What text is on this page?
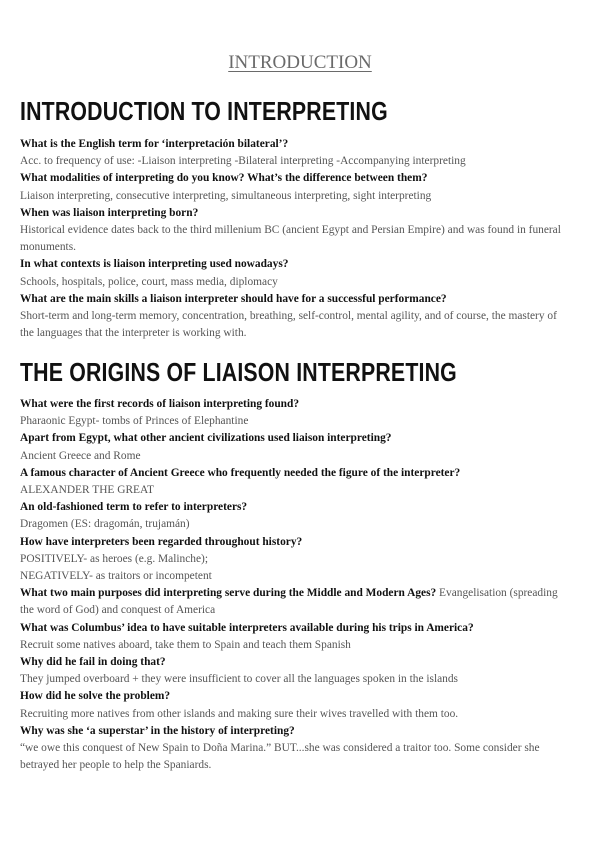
INTRODUCTION
INTRODUCTION TO INTERPRETING

What is the English term for ‘interpretación bilateral’?

Acc. to frequency of use: -Liaison interpreting -Bilateral interpreting -Accompanying interpreting

What modalities of interpreting do you know? What’s the difference between them?

Liaison interpreting, consecutive interpreting, simultaneous interpreting, sight interpreting

When was liaison interpreting born?

Historical evidence dates back to the third millenium BC (ancient Egypt and Persian Empire) and was found in funeral monuments.

In what contexts is liaison interpreting used nowadays?

Schools, hospitals, police, court, mass media, diplomacy

What are the main skills a liaison interpreter should have for a successful performance?

Short-term and long-term memory, concentration, breathing, self-control, mental agility, and of course, the mastery of the languages that the interpreter is working with.

THE ORIGINS OF LIAISON INTERPRETING

What were the first records of liaison interpreting found?

Pharaonic Egypt- tombs of Princes of Elephantine

Apart from Egypt, what other ancient civilizations used liaison interpreting?

Ancient Greece and Rome

A famous character of Ancient Greece who frequently needed the figure of the interpreter?

ALEXANDER THE GREAT

An old-fashioned term to refer to interpreters?

Dragomen (ES: dragomán, trujamán)

How have interpreters been regarded throughout history?

POSITIVELY- as heroes (e.g. Malinche);

NEGATIVELY- as traitors or incompetent

What two main purposes did interpreting serve during the Middle and Modern Ages? Evangelisation (spreading the word of God) and conquest of America

What was Columbus’ idea to have suitable interpreters available during his trips in America?

Recruit some natives aboard, take them to Spain and teach them Spanish

Why did he fail in doing that?

They jumped overboard + they were insufficient to cover all the languages spoken in the islands

How did he solve the problem?

Recruiting more natives from other islands and making sure their wives travelled with them too.

Why was she ‘a superstar’ in the history of interpreting?

“we owe this conquest of New Spain to Doña Marina.” BUT...she was considered a traitor too. Some consider she betrayed her people to help the Spaniards.
